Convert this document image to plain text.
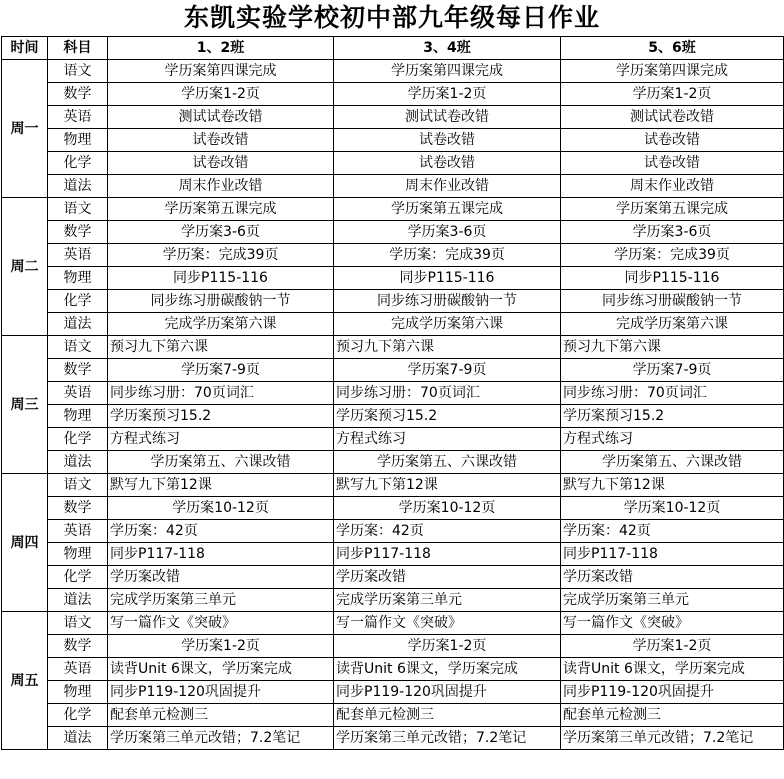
东凯实验学校初中部九年级每日作业
时间	科目	1、2班	3、4班	5、6班
周一	语文	学历案第四课完成	学历案第四课完成	学历案第四课完成
	数学	学历案1-2页	学历案1-2页	学历案1-2页
	英语	测试试卷改错	测试试卷改错	测试试卷改错
	物理	试卷改错	试卷改错	试卷改错
	化学	试卷改错	试卷改错	试卷改错
	道法	周末作业改错	周末作业改错	周末作业改错
周二	语文	学历案第五课完成	学历案第五课完成	学历案第五课完成
	数学	学历案3-6页	学历案3-6页	学历案3-6页
	英语	学历案：完成39页	学历案：完成39页	学历案：完成39页
	物理	同步P115-116	同步P115-116	同步P115-116
	化学	同步练习册碳酸钠一节	同步练习册碳酸钠一节	同步练习册碳酸钠一节
	道法	完成学历案第六课	完成学历案第六课	完成学历案第六课
周三	语文	预习九下第六课	预习九下第六课	预习九下第六课
	数学	学历案7-9页	学历案7-9页	学历案7-9页
	英语	同步练习册：70页词汇	同步练习册：70页词汇	同步练习册：70页词汇
	物理	学历案预习15.2	学历案预习15.2	学历案预习15.2
	化学	方程式练习	方程式练习	方程式练习
	道法	学历案第五、六课改错	学历案第五、六课改错	学历案第五、六课改错
周四	语文	默写九下第12课	默写九下第12课	默写九下第12课
	数学	学历案10-12页	学历案10-12页	学历案10-12页
	英语	学历案：42页	学历案：42页	学历案：42页
	物理	同步P117-118	同步P117-118	同步P117-118
	化学	学历案改错	学历案改错	学历案改错
	道法	完成学历案第三单元	完成学历案第三单元	完成学历案第三单元
周五	语文	写一篇作文《突破》	写一篇作文《突破》	写一篇作文《突破》
	数学	学历案1-2页	学历案1-2页	学历案1-2页
	英语	读背Unit 6课文，学历案完成	读背Unit 6课文，学历案完成	读背Unit 6课文，学历案完成
	物理	同步P119-120巩固提升	同步P119-120巩固提升	同步P119-120巩固提升
	化学	配套单元检测三	配套单元检测三	配套单元检测三
	道法	学历案第三单元改错；7.2笔记	学历案第三单元改错；7.2笔记	学历案第三单元改错；7.2笔记
